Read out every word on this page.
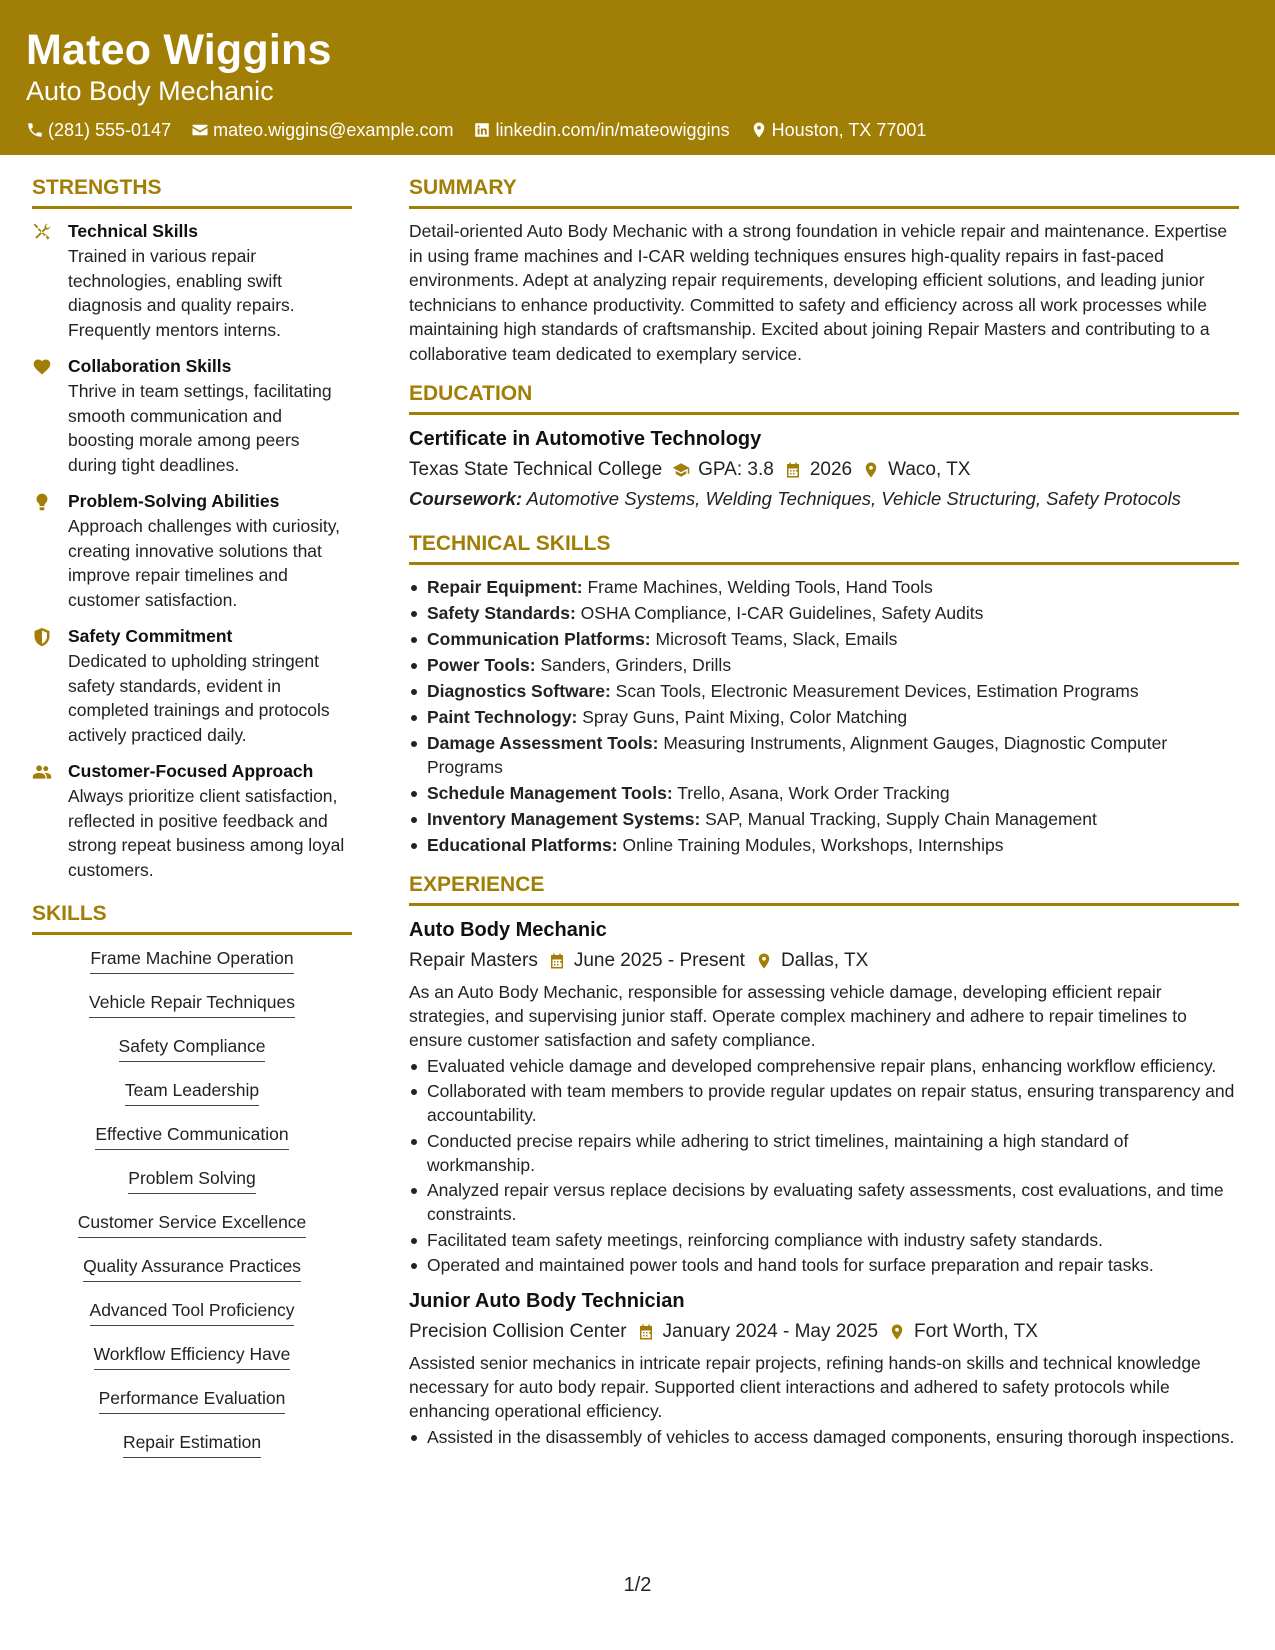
Mateo Wiggins
Auto Body Mechanic
(281) 555-0147 mateo.wiggins@example.com linkedin.com/in/mateowiggins Houston, TX 77001
STRENGTHS
Technical Skills
Trained in various repair technologies, enabling swift diagnosis and quality repairs. Frequently mentors interns.
Collaboration Skills
Thrive in team settings, facilitating smooth communication and boosting morale among peers during tight deadlines.
Problem-Solving Abilities
Approach challenges with curiosity, creating innovative solutions that improve repair timelines and customer satisfaction.
Safety Commitment
Dedicated to upholding stringent safety standards, evident in completed trainings and protocols actively practiced daily.
Customer-Focused Approach
Always prioritize client satisfaction, reflected in positive feedback and strong repeat business among loyal customers.
SKILLS
Frame Machine Operation
Vehicle Repair Techniques
Safety Compliance
Team Leadership
Effective Communication
Problem Solving
Customer Service Excellence
Quality Assurance Practices
Advanced Tool Proficiency
Workflow Efficiency Have
Performance Evaluation
Repair Estimation
SUMMARY
Detail-oriented Auto Body Mechanic with a strong foundation in vehicle repair and maintenance. Expertise in using frame machines and I-CAR welding techniques ensures high-quality repairs in fast-paced environments. Adept at analyzing repair requirements, developing efficient solutions, and leading junior technicians to enhance productivity. Committed to safety and efficiency across all work processes while maintaining high standards of craftsmanship. Excited about joining Repair Masters and contributing to a collaborative team dedicated to exemplary service.
EDUCATION
Certificate in Automotive Technology
Texas State Technical College GPA: 3.8 2026 Waco, TX
Coursework: Automotive Systems, Welding Techniques, Vehicle Structuring, Safety Protocols
TECHNICAL SKILLS
Repair Equipment: Frame Machines, Welding Tools, Hand Tools
Safety Standards: OSHA Compliance, I-CAR Guidelines, Safety Audits
Communication Platforms: Microsoft Teams, Slack, Emails
Power Tools: Sanders, Grinders, Drills
Diagnostics Software: Scan Tools, Electronic Measurement Devices, Estimation Programs
Paint Technology: Spray Guns, Paint Mixing, Color Matching
Damage Assessment Tools: Measuring Instruments, Alignment Gauges, Diagnostic Computer Programs
Schedule Management Tools: Trello, Asana, Work Order Tracking
Inventory Management Systems: SAP, Manual Tracking, Supply Chain Management
Educational Platforms: Online Training Modules, Workshops, Internships
EXPERIENCE
Auto Body Mechanic
Repair Masters June 2025 - Present Dallas, TX
As an Auto Body Mechanic, responsible for assessing vehicle damage, developing efficient repair strategies, and supervising junior staff. Operate complex machinery and adhere to repair timelines to ensure customer satisfaction and safety compliance.
Evaluated vehicle damage and developed comprehensive repair plans, enhancing workflow efficiency.
Collaborated with team members to provide regular updates on repair status, ensuring transparency and accountability.
Conducted precise repairs while adhering to strict timelines, maintaining a high standard of workmanship.
Analyzed repair versus replace decisions by evaluating safety assessments, cost evaluations, and time constraints.
Facilitated team safety meetings, reinforcing compliance with industry safety standards.
Operated and maintained power tools and hand tools for surface preparation and repair tasks.
Junior Auto Body Technician
Precision Collision Center January 2024 - May 2025 Fort Worth, TX
Assisted senior mechanics in intricate repair projects, refining hands-on skills and technical knowledge necessary for auto body repair. Supported client interactions and adhered to safety protocols while enhancing operational efficiency.
Assisted in the disassembly of vehicles to access damaged components, ensuring thorough inspections.
1/2
